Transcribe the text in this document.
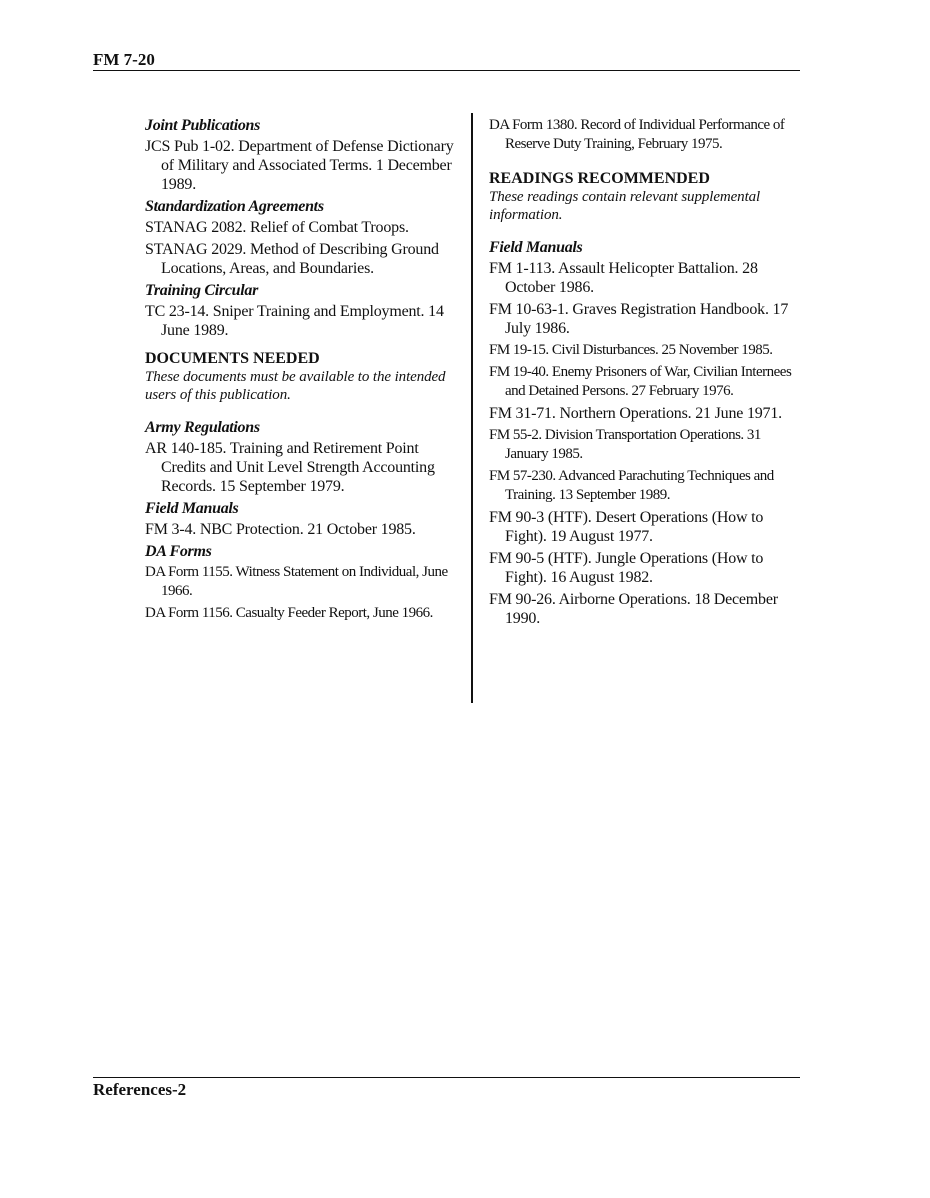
FM 7-20
Joint Publications
JCS Pub 1-02. Department of Defense Dictionary of Military and Associated Terms. 1 December 1989.
Standardization Agreements
STANAG 2082. Relief of Combat Troops.
STANAG 2029. Method of Describing Ground Locations, Areas, and Boundaries.
Training Circular
TC 23-14. Sniper Training and Employment. 14 June 1989.
DOCUMENTS NEEDED
These documents must be available to the intended users of this publication.
Army Regulations
AR 140-185. Training and Retirement Point Credits and Unit Level Strength Accounting Records. 15 September 1979.
Field Manuals
FM 3-4. NBC Protection. 21 October 1985.
DA Forms
DA Form 1155. Witness Statement on Individual, June 1966.
DA Form 1156. Casualty Feeder Report, June 1966.
DA Form 1380. Record of Individual Performance of Reserve Duty Training, February 1975.
READINGS RECOMMENDED
These readings contain relevant supplemental information.
Field Manuals
FM 1-113. Assault Helicopter Battalion. 28 October 1986.
FM 10-63-1. Graves Registration Handbook. 17 July 1986.
FM 19-15. Civil Disturbances. 25 November 1985.
FM 19-40. Enemy Prisoners of War, Civilian Internees and Detained Persons. 27 February 1976.
FM 31-71. Northern Operations. 21 June 1971.
FM 55-2. Division Transportation Operations. 31 January 1985.
FM 57-230. Advanced Parachuting Techniques and Training. 13 September 1989.
FM 90-3 (HTF). Desert Operations (How to Fight). 19 August 1977.
FM 90-5 (HTF). Jungle Operations (How to Fight). 16 August 1982.
FM 90-26. Airborne Operations. 18 December 1990.
References-2
